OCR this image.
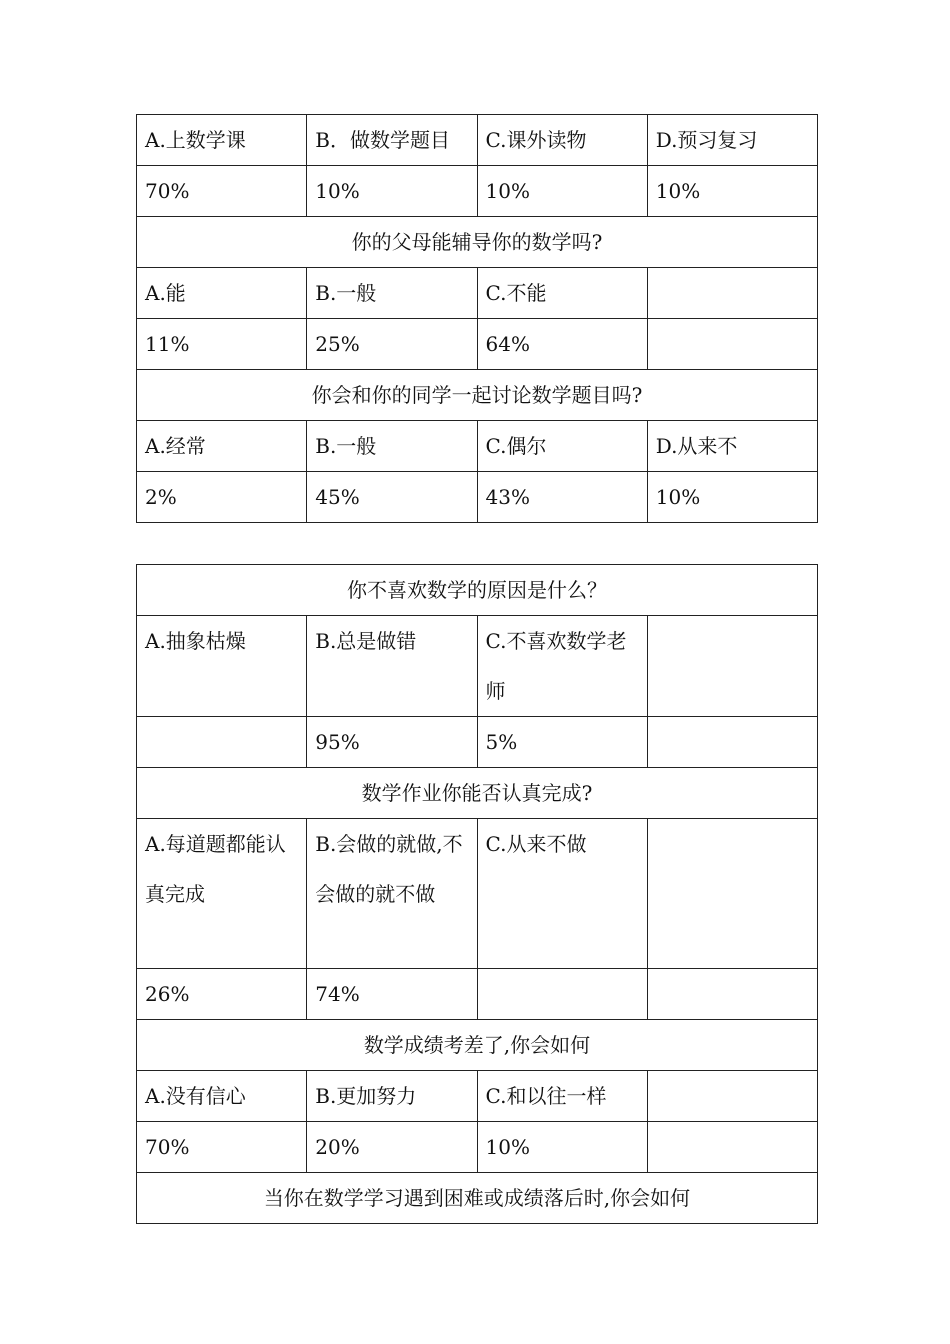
A.上数学课	B．做数学题目	C.课外读物	D.预习复习
70%	10%	10%	10%
你的父母能辅导你的数学吗?			
A.能	B.一般	C.不能	
11%	25%	64%	
你会和你的同学一起讨论数学题目吗?			
A.经常	B.一般	C.偶尔	D.从来不
2%	45%	43%	10%
你不喜欢数学的原因是什么？			
A.抽象枯燥	B.总是做错	C.不喜欢数学老师	
	95%	5%	
数学作业你能否认真完成?			
A.每道题都能认真完成	B.会做的就做,不会做的就不做	C.从来不做	
26%	74%		
数学成绩考差了,你会如何			
A.没有信心	B.更加努力	C.和以往一样	
70%	20%	10%	
当你在数学学习遇到困难或成绩落后时,你会如何			
